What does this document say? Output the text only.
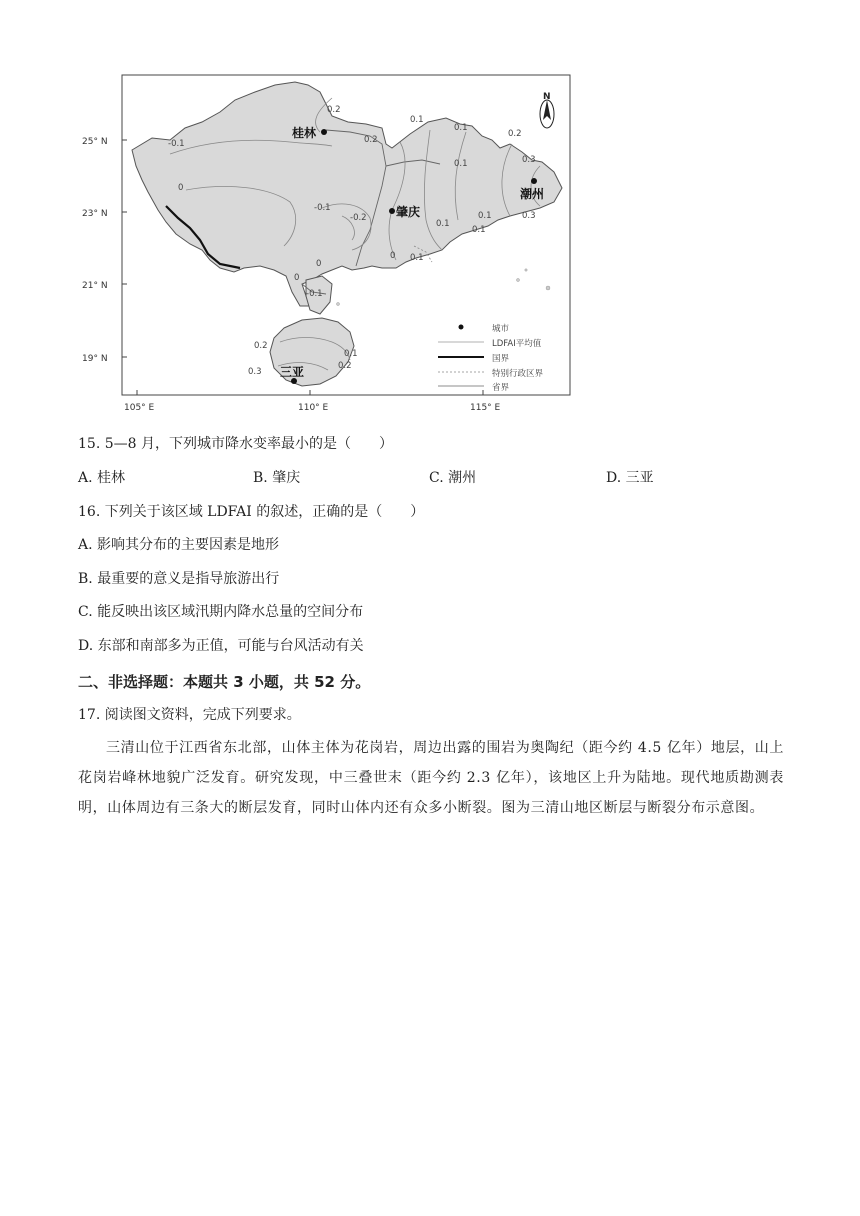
25° N
23° N
21° N
19° N
105° E	110° E	115° E
桂林
肇庆
潮州
三亚
0.2
0.1
0.2
0.1
0.2
0.1	0.3
0.3
-0.1
0
-0.1
-0.2
0
-0.1
0
0.1
0.1
0 0.1
0.2
0.1
0.2
0.3
0.1
N
城市
LDFAI平均值
国界
特别行政区界
省界
15. 5—8 月，下列城市降水变率最小的是（　　）
A. 桂林	B. 肇庆	C. 潮州	D. 三亚
16. 下列关于该区域 LDFAI 的叙述，正确的是（　　）
A. 影响其分布的主要因素是地形
B. 最重要的意义是指导旅游出行
C. 能反映出该区域汛期内降水总量的空间分布
D. 东部和南部多为正值，可能与台风活动有关
二、非选择题：本题共 3 小题，共 52 分。
17. 阅读图文资料，完成下列要求。
三清山位于江西省东北部，山体主体为花岗岩，周边出露的围岩为奥陶纪（距今约 4.5 亿年）地层，山上花岗岩峰林地貌广泛发育。研究发现，中三叠世末（距今约 2.3 亿年），该地区上升为陆地。现代地质勘测表明，山体周边有三条大的断层发育，同时山体内还有众多小断裂。图为三清山地区断层与断裂分布示意图。
